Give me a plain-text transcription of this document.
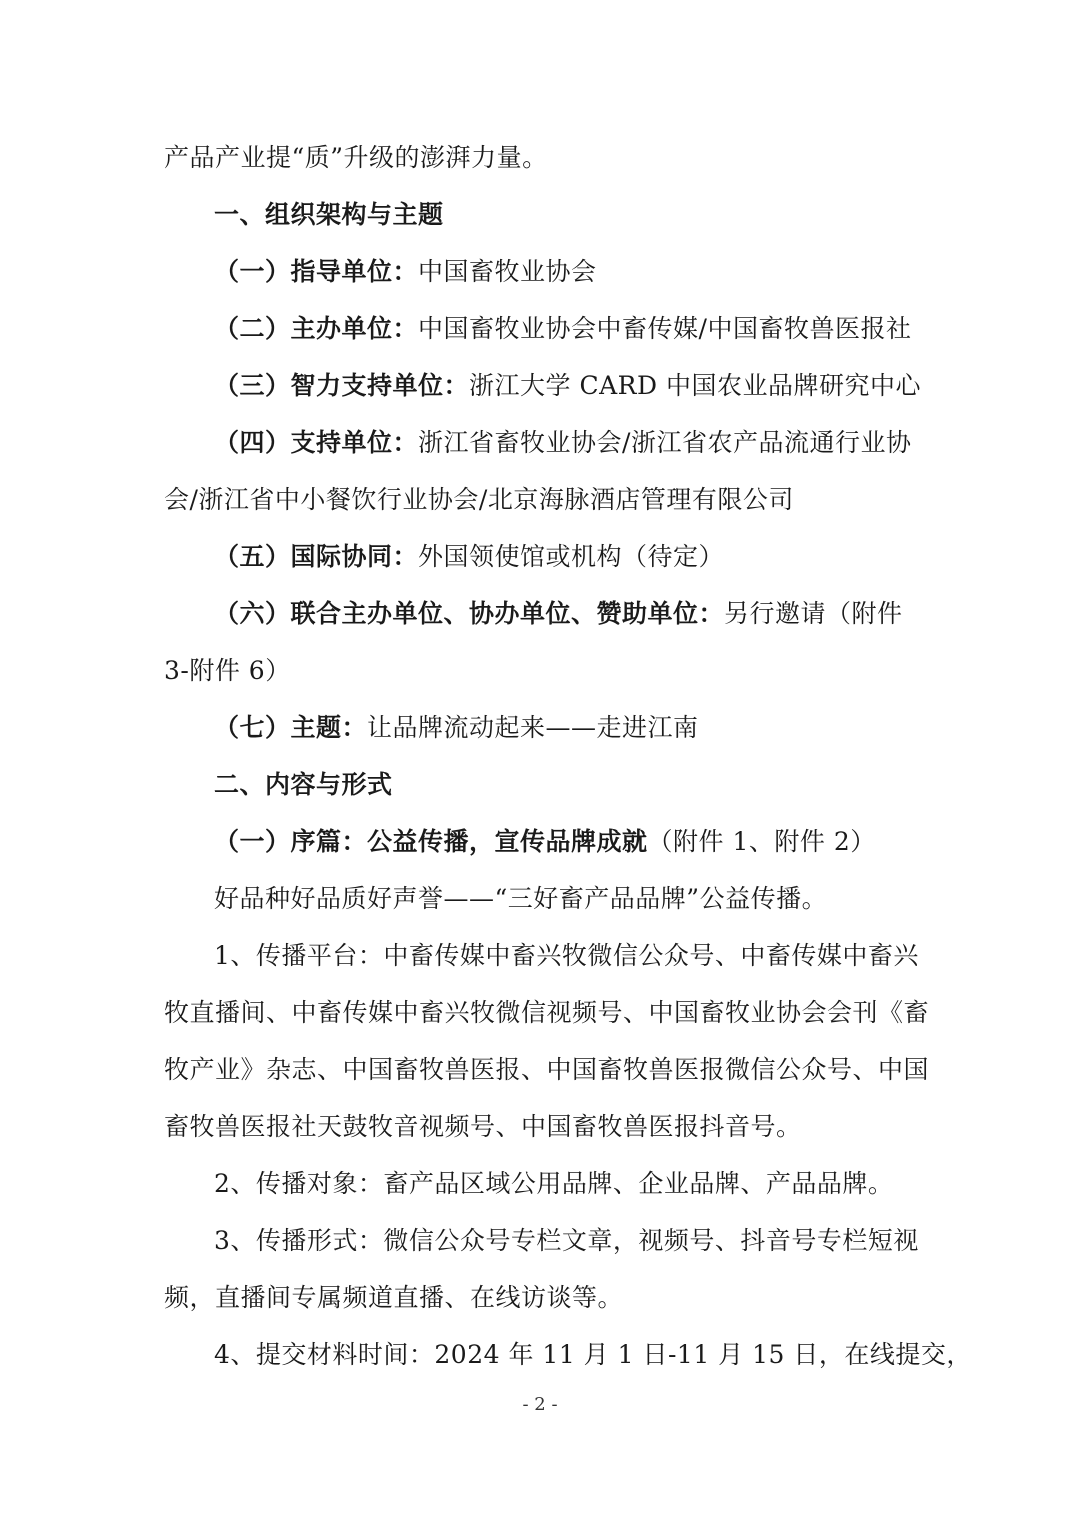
产品产业提“质”升级的澎湃力量。
一、组织架构与主题
（一）指导单位：中国畜牧业协会
（二）主办单位：中国畜牧业协会中畜传媒/中国畜牧兽医报社
（三）智力支持单位：浙江大学 CARD 中国农业品牌研究中心
（四）支持单位：浙江省畜牧业协会/浙江省农产品流通行业协
会/浙江省中小餐饮行业协会/北京海脉酒店管理有限公司
（五）国际协同：外国领使馆或机构（待定）
（六）联合主办单位、协办单位、赞助单位：另行邀请（附件
3-附件 6）
（七）主题：让品牌流动起来——走进江南
二、内容与形式
（一）序篇：公益传播，宣传品牌成就（附件 1、附件 2）
好品种好品质好声誉——“三好畜产品品牌”公益传播。
1、传播平台：中畜传媒中畜兴牧微信公众号、中畜传媒中畜兴
牧直播间、中畜传媒中畜兴牧微信视频号、中国畜牧业协会会刊《畜
牧产业》杂志、中国畜牧兽医报、中国畜牧兽医报微信公众号、中国
畜牧兽医报社天鼓牧音视频号、中国畜牧兽医报抖音号。
2、传播对象：畜产品区域公用品牌、企业品牌、产品品牌。
3、传播形式：微信公众号专栏文章，视频号、抖音号专栏短视
频，直播间专属频道直播、在线访谈等。
4、提交材料时间：2024 年 11 月 1 日-11 月 15 日，在线提交，
- 2 -
